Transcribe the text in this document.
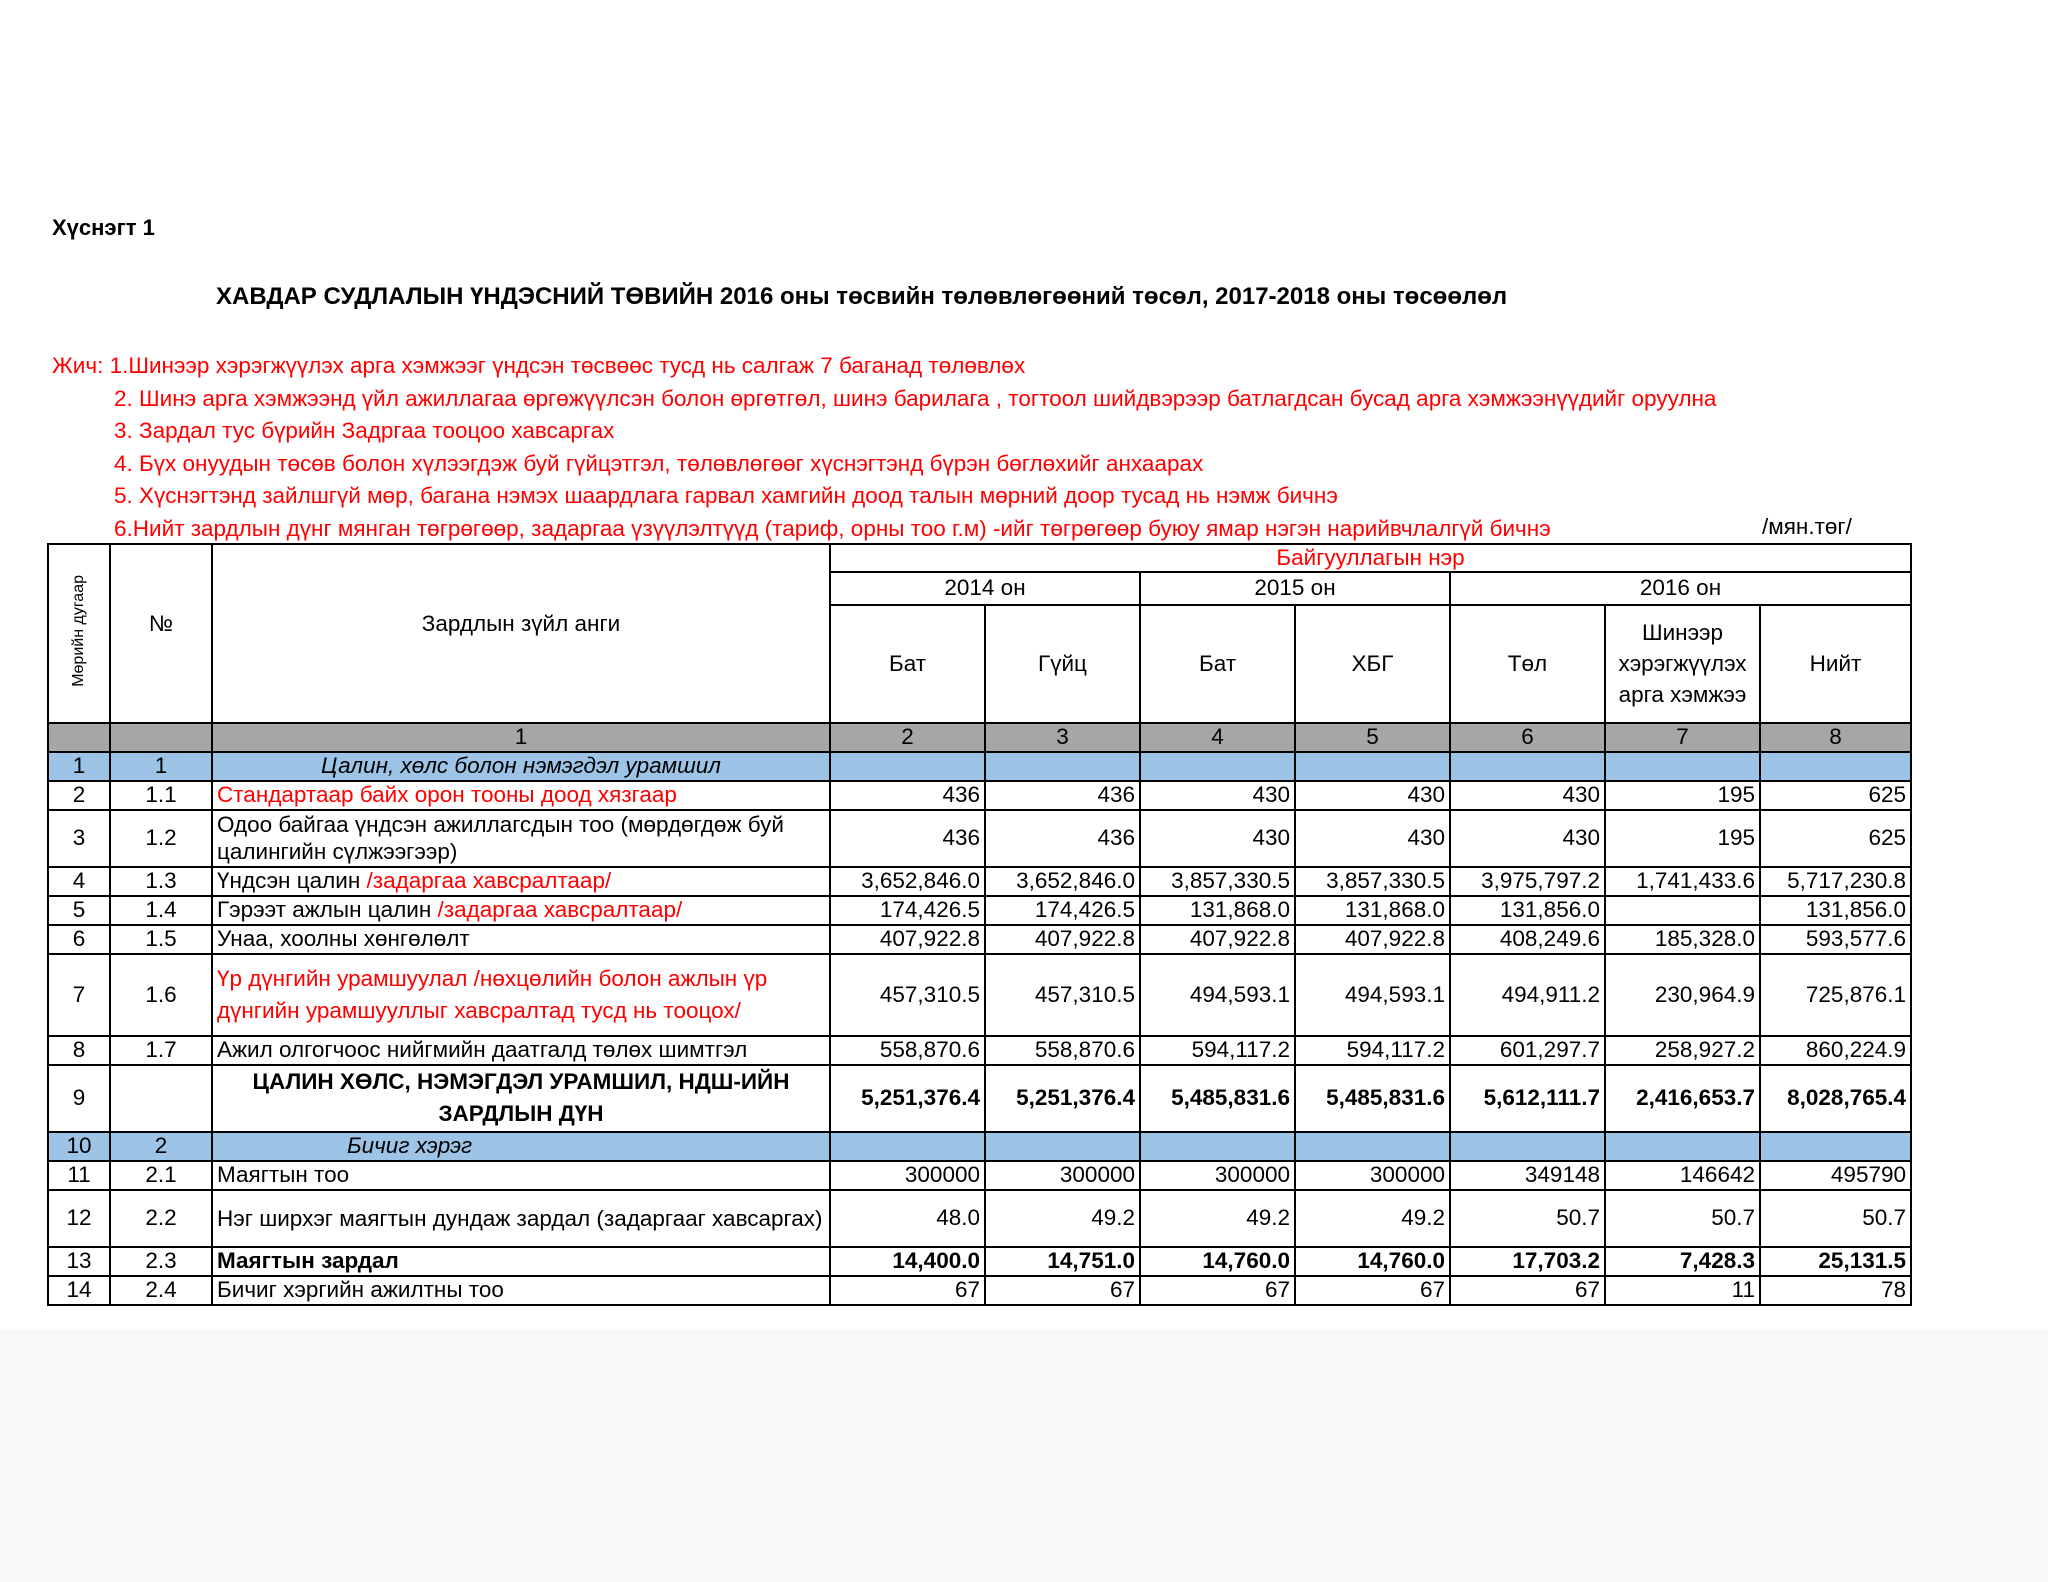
Хүснэгт 1
ХАВДАР СУДЛАЛЫН ҮНДЭСНИЙ ТӨВИЙН 2016 оны төсвийн төлөвлөгөөний төсөл, 2017-2018 оны төсөөлөл
Жич: 1.Шинээр хэрэгжүүлэх арга хэмжээг үндсэн төсвөөс тусд нь салгаж 7 баганад төлөвлөх
2. Шинэ арга хэмжээнд үйл ажиллагаа өргөжүүлсэн болон өргөтгөл, шинэ барилага , тогтоол шийдвэрээр батлагдсан бусад арга хэмжээнүүдийг оруулна
3. Зардал тус бүрийн Задргаа тооцоо хавсаргах
4. Бүх онуудын төсөв болон хүлээгдэж буй гүйцэтгэл, төлөвлөгөөг хүснэгтэнд бүрэн бөглөхийг анхаарах
5. Хүснэгтэнд зайлшгүй мөр, багана нэмэх шаардлага гарвал хамгийн доод талын мөрний доор тусад нь нэмж бичнэ
6.Нийт зардлын дүнг мянган төгрөгөөр, задаргаа үзүүлэлтүүд (тариф, орны тоо г.м) -ийг төгрөгөөр буюу ямар нэгэн нарийвчлалгүй бичнэ	/мян.төг/
Мөрийн дугаар	№	Зардлын зүйл анги	Байгууллагын нэр						
			2014 он		2015 он		2016 он		
			Бат	Гүйц	Бат	ХБГ	Төл	Шинээр хэрэгжүүлэх арга хэмжээ	Нийт
		1	2	3	4	5	6	7	8
1	1	Цалин, хөлс болон нэмэгдэл урамшил							
2	1.1	Стандартаар байх орон тооны доод хязгаар	436	436	430	430	430	195	625
3	1.2	Одоо байгаа үндсэн ажиллагсдын тоо (мөрдөгдөж буй цалингийн сүлжээгээр)	436	436	430	430	430	195	625
4	1.3	Үндсэн цалин /задаргаа хавсралтаар/	3,652,846.0	3,652,846.0	3,857,330.5	3,857,330.5	3,975,797.2	1,741,433.6	5,717,230.8
5	1.4	Гэрээт ажлын цалин /задаргаа хавсралтаар/	174,426.5	174,426.5	131,868.0	131,868.0	131,856.0		131,856.0
6	1.5	Унаа, хоолны хөнгөлөлт	407,922.8	407,922.8	407,922.8	407,922.8	408,249.6	185,328.0	593,577.6
7	1.6	Үр дүнгийн урамшуулал /нөхцөлийн болон ажлын үр дүнгийн урамшууллыг хавсралтад тусд нь тооцох/	457,310.5	457,310.5	494,593.1	494,593.1	494,911.2	230,964.9	725,876.1
8	1.7	Ажил олгогчоос нийгмийн даатгалд төлөх шимтгэл	558,870.6	558,870.6	594,117.2	594,117.2	601,297.7	258,927.2	860,224.9
9		ЦАЛИН ХӨЛС, НЭМЭГДЭЛ УРАМШИЛ, НДШ-ИЙН ЗАРДЛЫН ДҮН	5,251,376.4	5,251,376.4	5,485,831.6	5,485,831.6	5,612,111.7	2,416,653.7	8,028,765.4
10	2	Бичиг хэрэг							
11	2.1	Маягтын тоо	300000	300000	300000	300000	349148	146642	495790
12	2.2	Нэг ширхэг маягтын дундаж зардал (задаргааг хавсаргах)	48.0	49.2	49.2	49.2	50.7	50.7	50.7
13	2.3	Маягтын зардал	14,400.0	14,751.0	14,760.0	14,760.0	17,703.2	7,428.3	25,131.5
14	2.4	Бичиг хэргийн ажилтны тоо	67	67	67	67	67	11	78
